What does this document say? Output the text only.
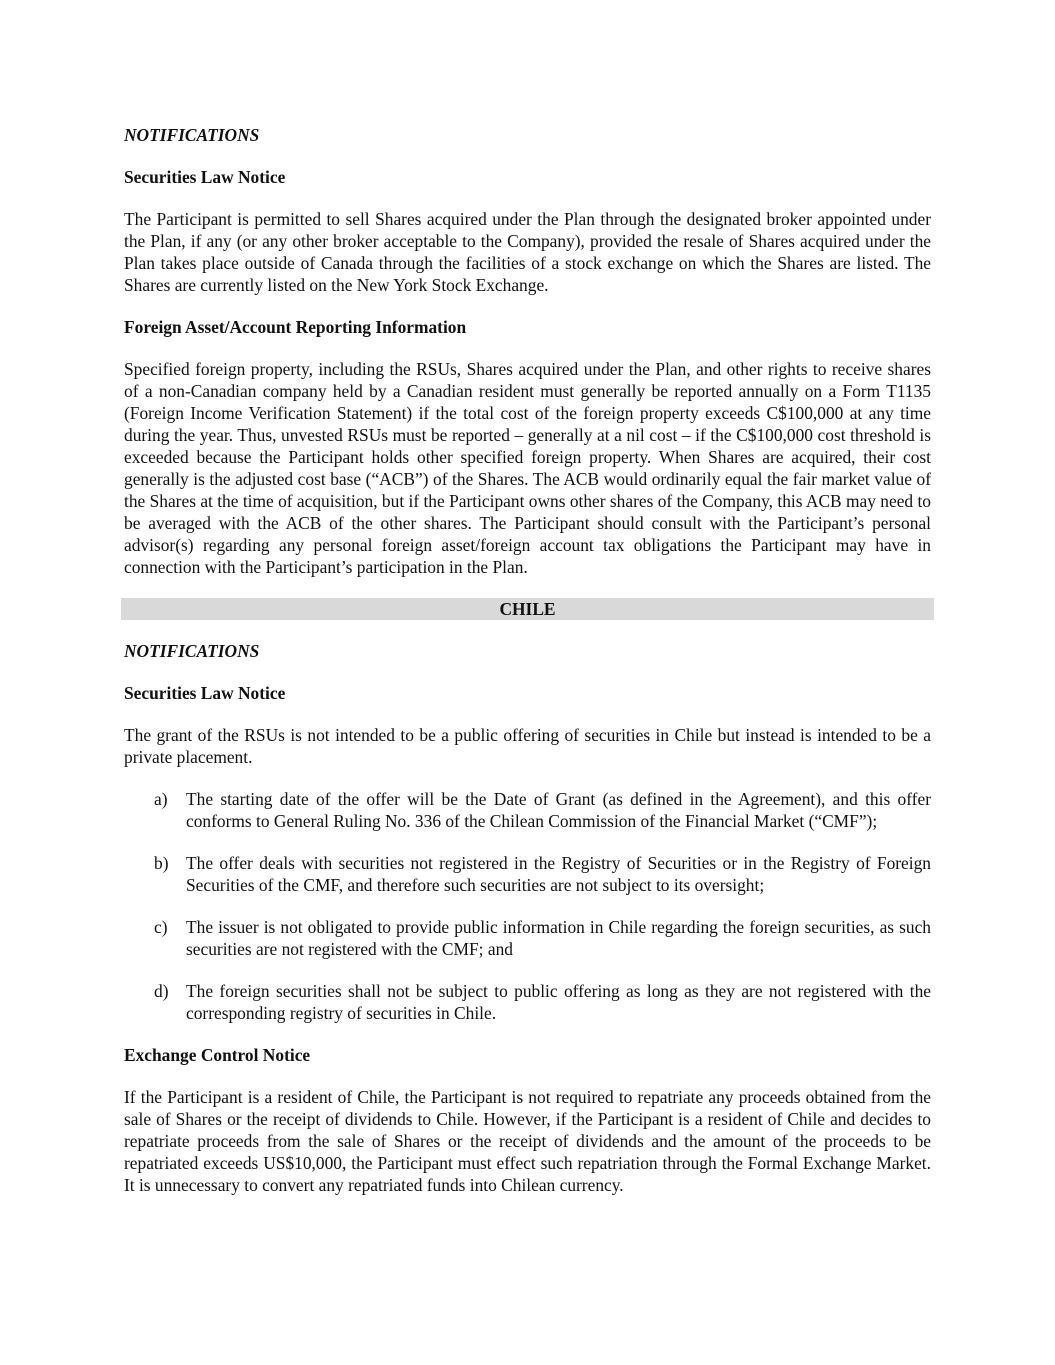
NOTIFICATIONS
Securities Law Notice

The Participant is permitted to sell Shares acquired under the Plan through the designated broker appointed under the Plan, if any (or any other broker acceptable to the Company), provided the resale of Shares acquired under the Plan takes place outside of Canada through the facilities of a stock exchange on which the Shares are listed. The Shares are currently listed on the New York Stock Exchange.

Foreign Asset/Account Reporting Information

Specified foreign property, including the RSUs, Shares acquired under the Plan, and other rights to receive shares of a non-Canadian company held by a Canadian resident must generally be reported annually on a Form T1135 (Foreign Income Verification Statement) if the total cost of the foreign property exceeds C$100,000 at any time during the year. Thus, unvested RSUs must be reported – generally at a nil cost – if the C$100,000 cost threshold is exceeded because the Participant holds other specified foreign property. When Shares are acquired, their cost generally is the adjusted cost base (“ACB”) of the Shares. The ACB would ordinarily equal the fair market value of the Shares at the time of acquisition, but if the Participant owns other shares of the Company, this ACB may need to be averaged with the ACB of the other shares. The Participant should consult with the Participant’s personal advisor(s) regarding any personal foreign asset/foreign account tax obligations the Participant may have in connection with the Participant’s participation in the Plan.

CHILE
NOTIFICATIONS
Securities Law Notice

The grant of the RSUs is not intended to be a public offering of securities in Chile but instead is intended to be a private placement.

a)	The starting date of the offer will be the Date of Grant (as defined in the Agreement), and this offer conforms to General Ruling No. 336 of the Chilean Commission of the Financial Market (“CMF”);
b)	The offer deals with securities not registered in the Registry of Securities or in the Registry of Foreign Securities of the CMF, and therefore such securities are not subject to its oversight;
c)	The issuer is not obligated to provide public information in Chile regarding the foreign securities, as such securities are not registered with the CMF; and
d)	The foreign securities shall not be subject to public offering as long as they are not registered with the corresponding registry of securities in Chile.
Exchange Control Notice

If the Participant is a resident of Chile, the Participant is not required to repatriate any proceeds obtained from the sale of Shares or the receipt of dividends to Chile. However, if the Participant is a resident of Chile and decides to repatriate proceeds from the sale of Shares or the receipt of dividends and the amount of the proceeds to be repatriated exceeds US$10,000, the Participant must effect such repatriation through the Formal Exchange Market. It is unnecessary to convert any repatriated funds into Chilean currency.
